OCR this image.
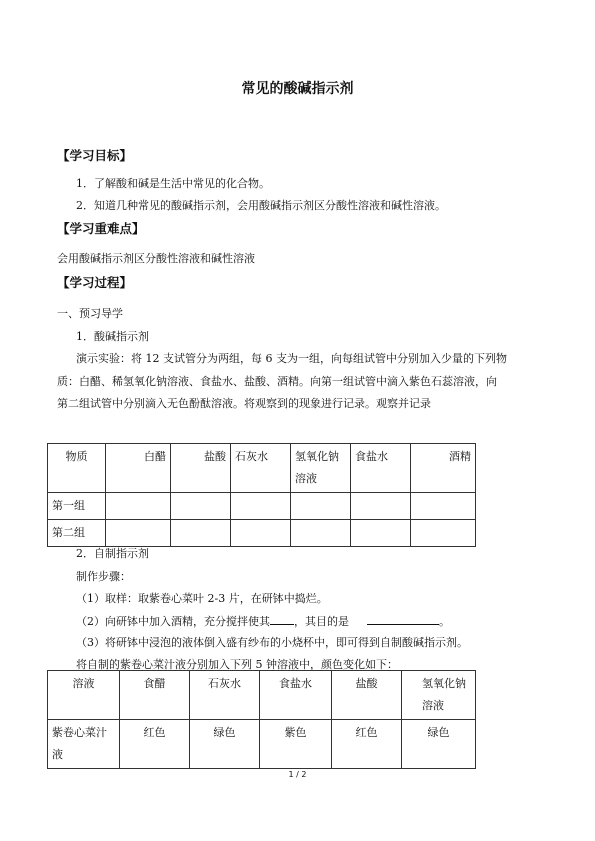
常见的酸碱指示剂
【学习目标】
1．了解酸和碱是生活中常见的化合物。
2．知道几种常见的酸碱指示剂，会用酸碱指示剂区分酸性溶液和碱性溶液。
【学习重难点】
会用酸碱指示剂区分酸性溶液和碱性溶液
【学习过程】
一、预习导学
1．酸碱指示剂
演示实验：将 12 支试管分为两组，每 6 支为一组，向每组试管中分别加入少量的下列物
质：白醋、稀氢氧化钠溶液、食盐水、盐酸、酒精。向第一组试管中滴入紫色石蕊溶液，向
第二组试管中分别滴入无色酚酞溶液。将观察到的现象进行记录。观察并记录
物质	白醋	盐酸	石灰水	氢氧化钠溶液	食盐水	酒精
第一组						
第二组						
2．自制指示剂
制作步骤：
（1）取样：取紫卷心菜叶 2-3 片，在研钵中捣烂。
（2）向研钵中加入酒精，充分搅拌使其 ，其目的是	。
（3）将研钵中浸泡的液体倒入盛有纱布的小烧杯中，即可得到自制酸碱指示剂。
将自制的紫卷心菜汁液分别加入下列 5 钟溶液中，颜色变化如下：
溶液	食醋	石灰水	食盐水	盐酸	氢氧化钠溶液
紫卷心菜汁液	红色	绿色	紫色	红色	绿色
1 / 2
